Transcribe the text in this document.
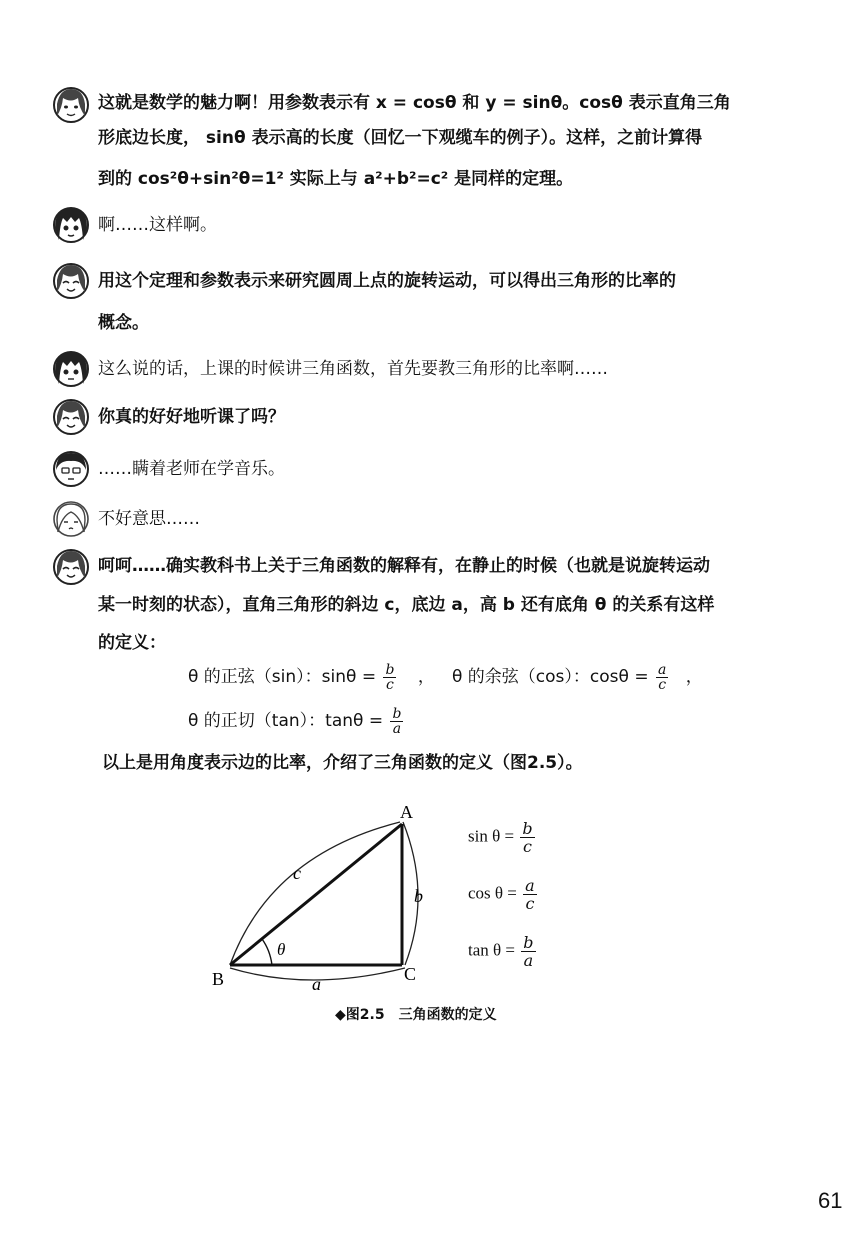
这就是数学的魅力啊！用参数表示有 x = cosθ 和 y = sinθ。cosθ 表示直角三角
形底边长度， sinθ 表示高的长度（回忆一下观缆车的例子）。这样，之前计算得
到的 cos²θ+sin²θ=1² 实际上与 a²+b²=c² 是同样的定理。
啊……这样啊。
用这个定理和参数表示来研究圆周上点的旋转运动，可以得出三角形的比率的
概念。
这么说的话，上课的时候讲三角函数，首先要教三角形的比率啊……
你真的好好地听课了吗？
……瞒着老师在学音乐。
不好意思……
呵呵……确实教科书上关于三角函数的解释有，在静止的时候（也就是说旋转运动
某一时刻的状态），直角三角形的斜边 c，底边 a，高 b 还有底角 θ 的关系有这样
的定义：
θ 的正弦（sin）：$\sin\theta = \frac{b}{c}$ ， θ 的余弦（cos）：$\cos\theta = \frac{a}{c}$ ，
θ 的正切（tan）：$\tan\theta = \frac{b}{a}$
以上是用角度表示边的比率，介绍了三角函数的定义（图2.5）。
A
B	C
c
b
a
θ
$\sin \theta = \frac{b}{c}$
$\cos \theta = \frac{a}{c}$
$\tan \theta = \frac{b}{a}$
◆图2.5　三角函数的定义
61
